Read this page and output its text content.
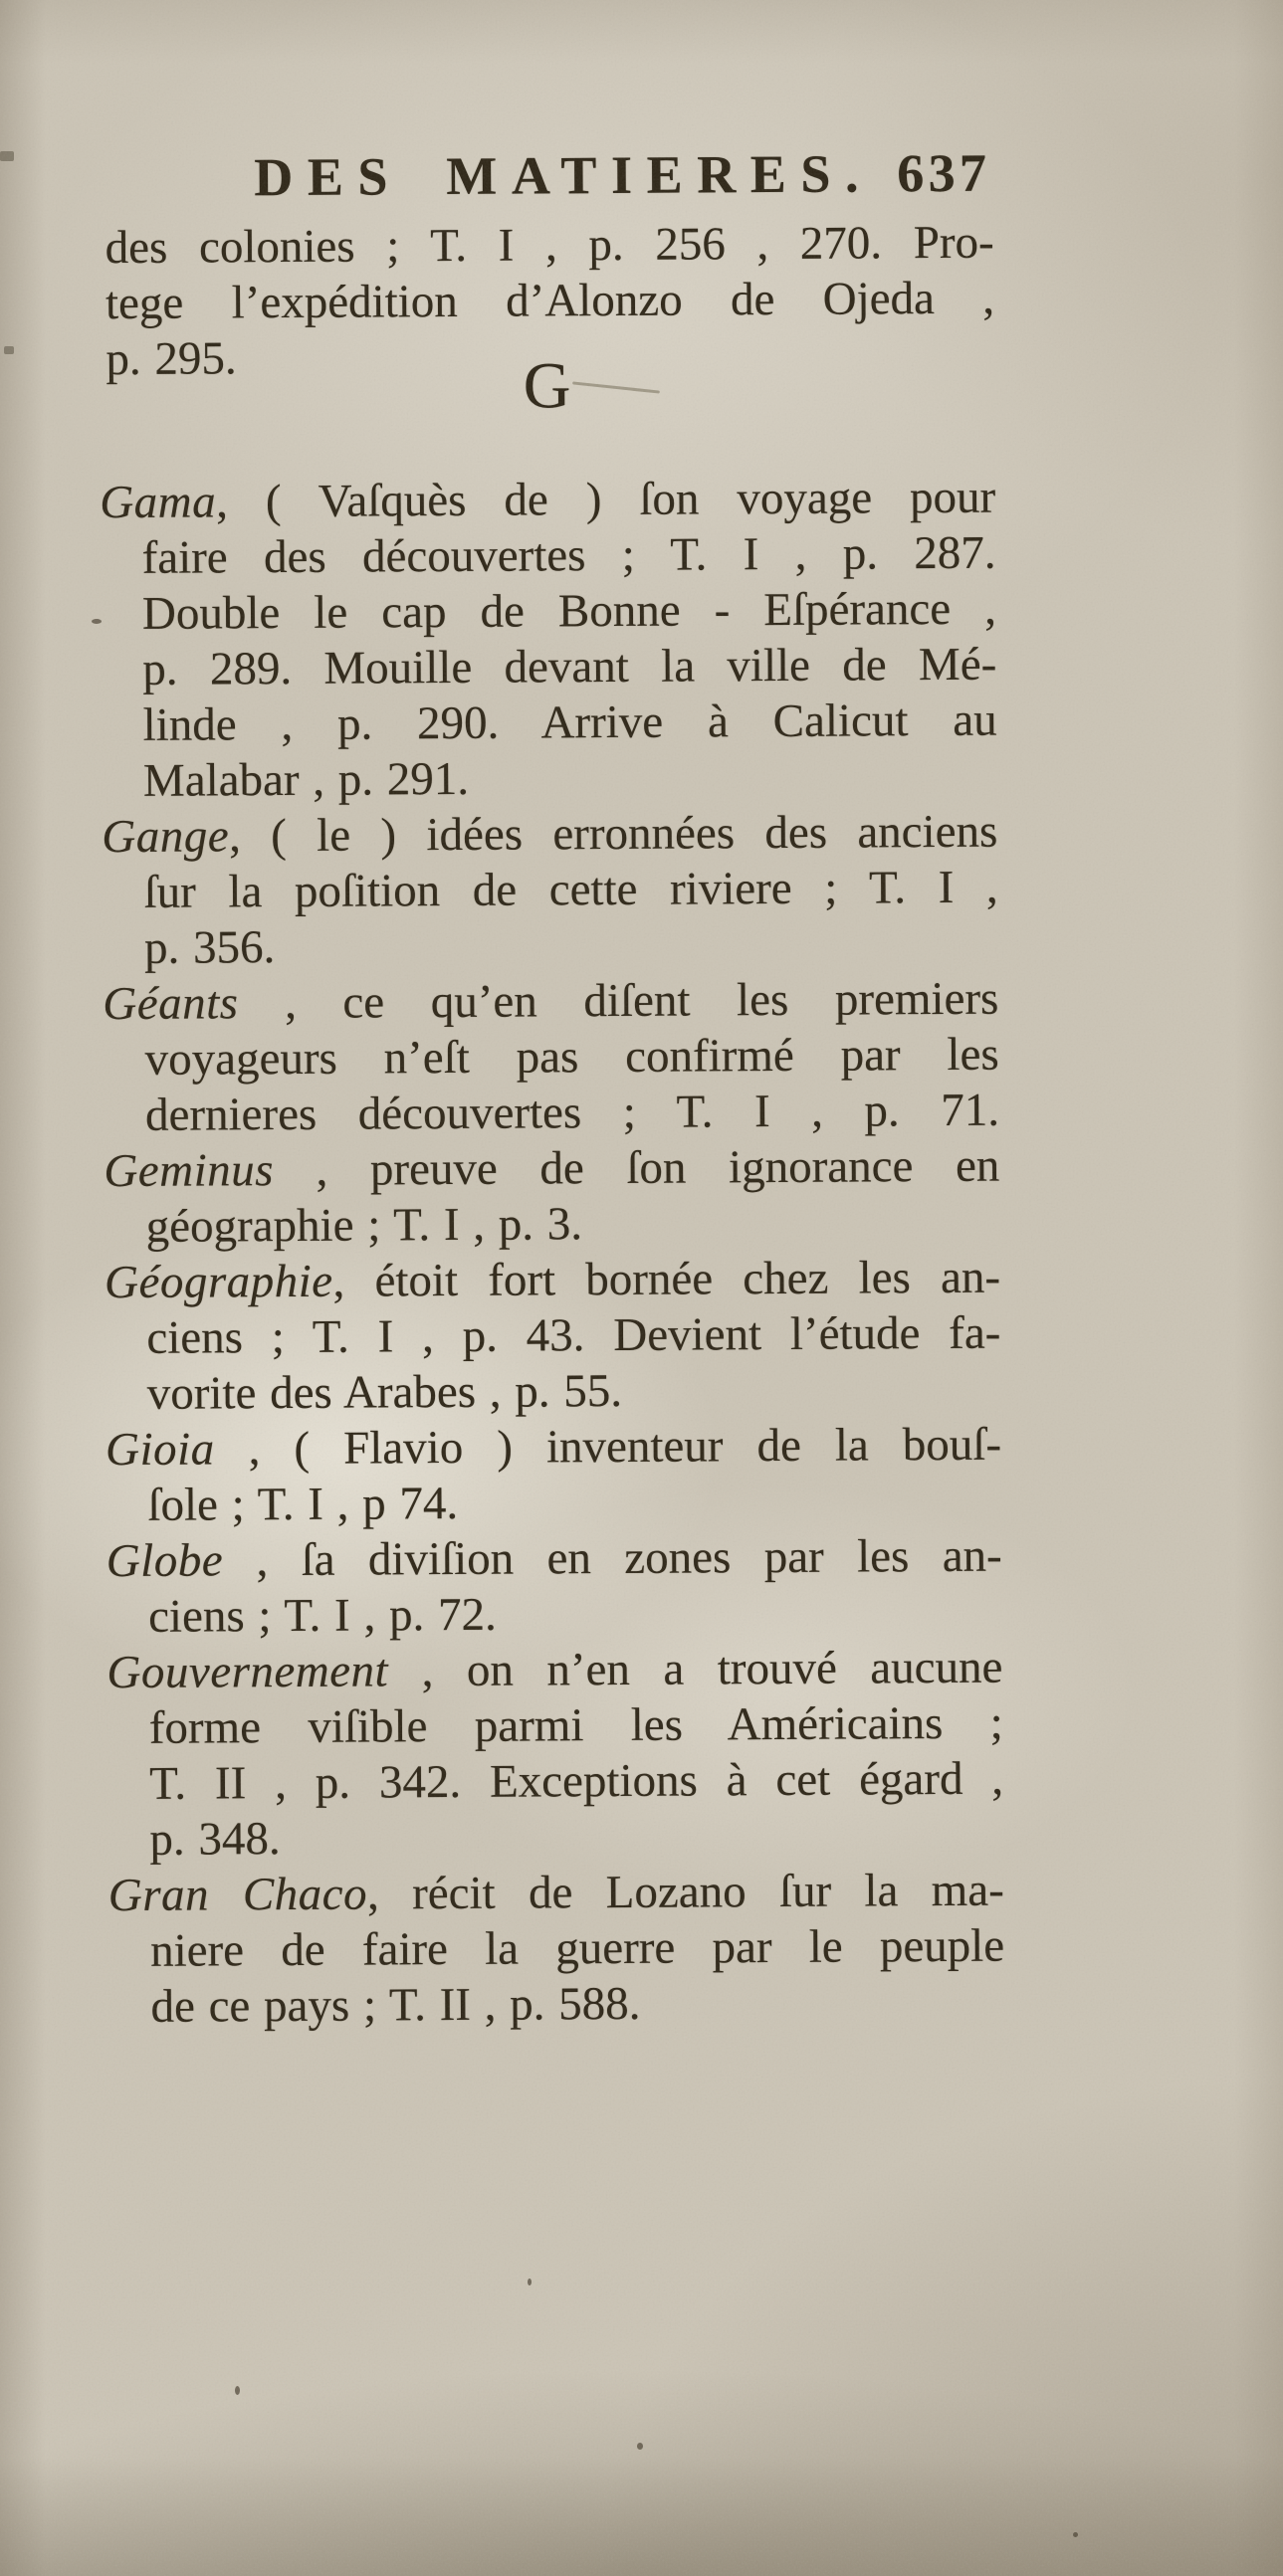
DES MATIERES. 637
des colonies ; T. I , p. 256 , 270. Pro-
tege l’expédition d’Alonzo de Ojeda ,
p. 295.	G
Gama, ( Vaſquès de ) ſon voyage pour
faire des découvertes ; T. I , p. 287.
Double le cap de Bonne - Eſpérance ,
p. 289. Mouille devant la ville de Mé-
linde , p. 290. Arrive à Calicut au
Malabar , p. 291.
Gange, ( le ) idées erronnées des anciens
ſur la poſition de cette riviere ; T. I ,
p. 356.
Géants , ce qu’en diſent les premiers
voyageurs n’eſt pas confirmé par les
dernieres découvertes ; T. I , p. 71.
Geminus , preuve de ſon ignorance en
géographie ; T. I , p. 3.
Géographie, étoit fort bornée chez les an-
ciens ; T. I , p. 43. Devient l’étude fa-
vorite des Arabes , p. 55.
Gioia , ( Flavio ) inventeur de la bouſ-
ſole ; T. I , p 74.
Globe , ſa diviſion en zones par les an-
ciens ; T. I , p. 72.
Gouvernement , on n’en a trouvé aucune
forme viſible parmi les Américains ;
T. II , p. 342. Exceptions à cet égard ,
p. 348.
Gran Chaco, récit de Lozano ſur la ma-
niere de faire la guerre par le peuple
de ce pays ; T. II , p. 588.
